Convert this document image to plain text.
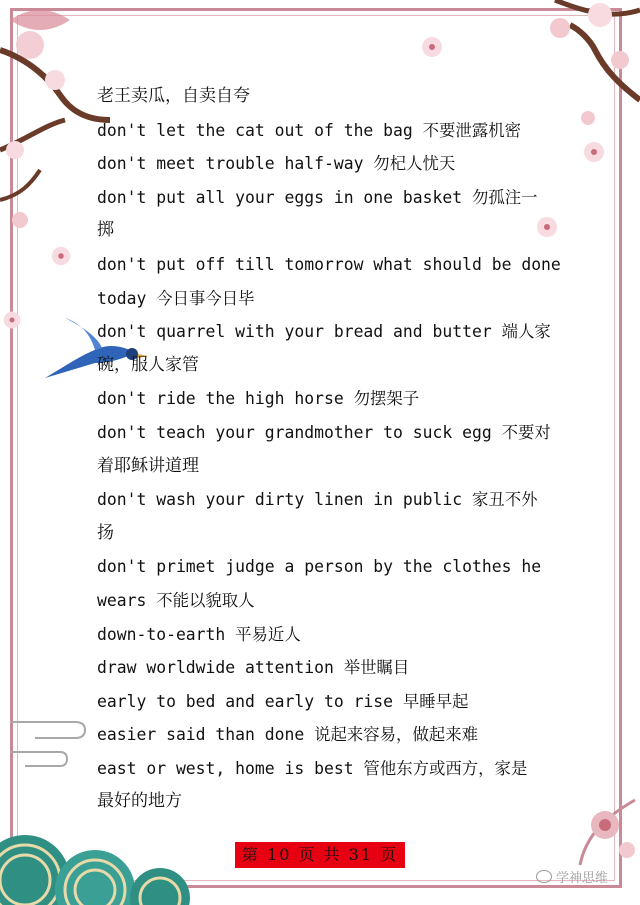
老王卖瓜，自卖自夸
don't let the cat out of the bag 不要泄露机密
don't meet trouble half-way 勿杞人忧天
don't put all your eggs in one basket 勿孤注一
掷
don't put off till tomorrow what should be done
today 今日事今日毕
don't quarrel with your bread and butter 端人家
碗，服人家管
don't ride the high horse 勿摆架子
don't teach your grandmother to suck egg 不要对
着耶稣讲道理
don't wash your dirty linen in public 家丑不外
扬
don't primet judge a person by the clothes he
wears 不能以貌取人
down-to-earth 平易近人
draw worldwide attention 举世瞩目
early to bed and early to rise 早睡早起
easier said than done 说起来容易，做起来难
east or west, home is best 管他东方或西方，家是
最好的地方
第 10 页 共 31 页
学神思维
